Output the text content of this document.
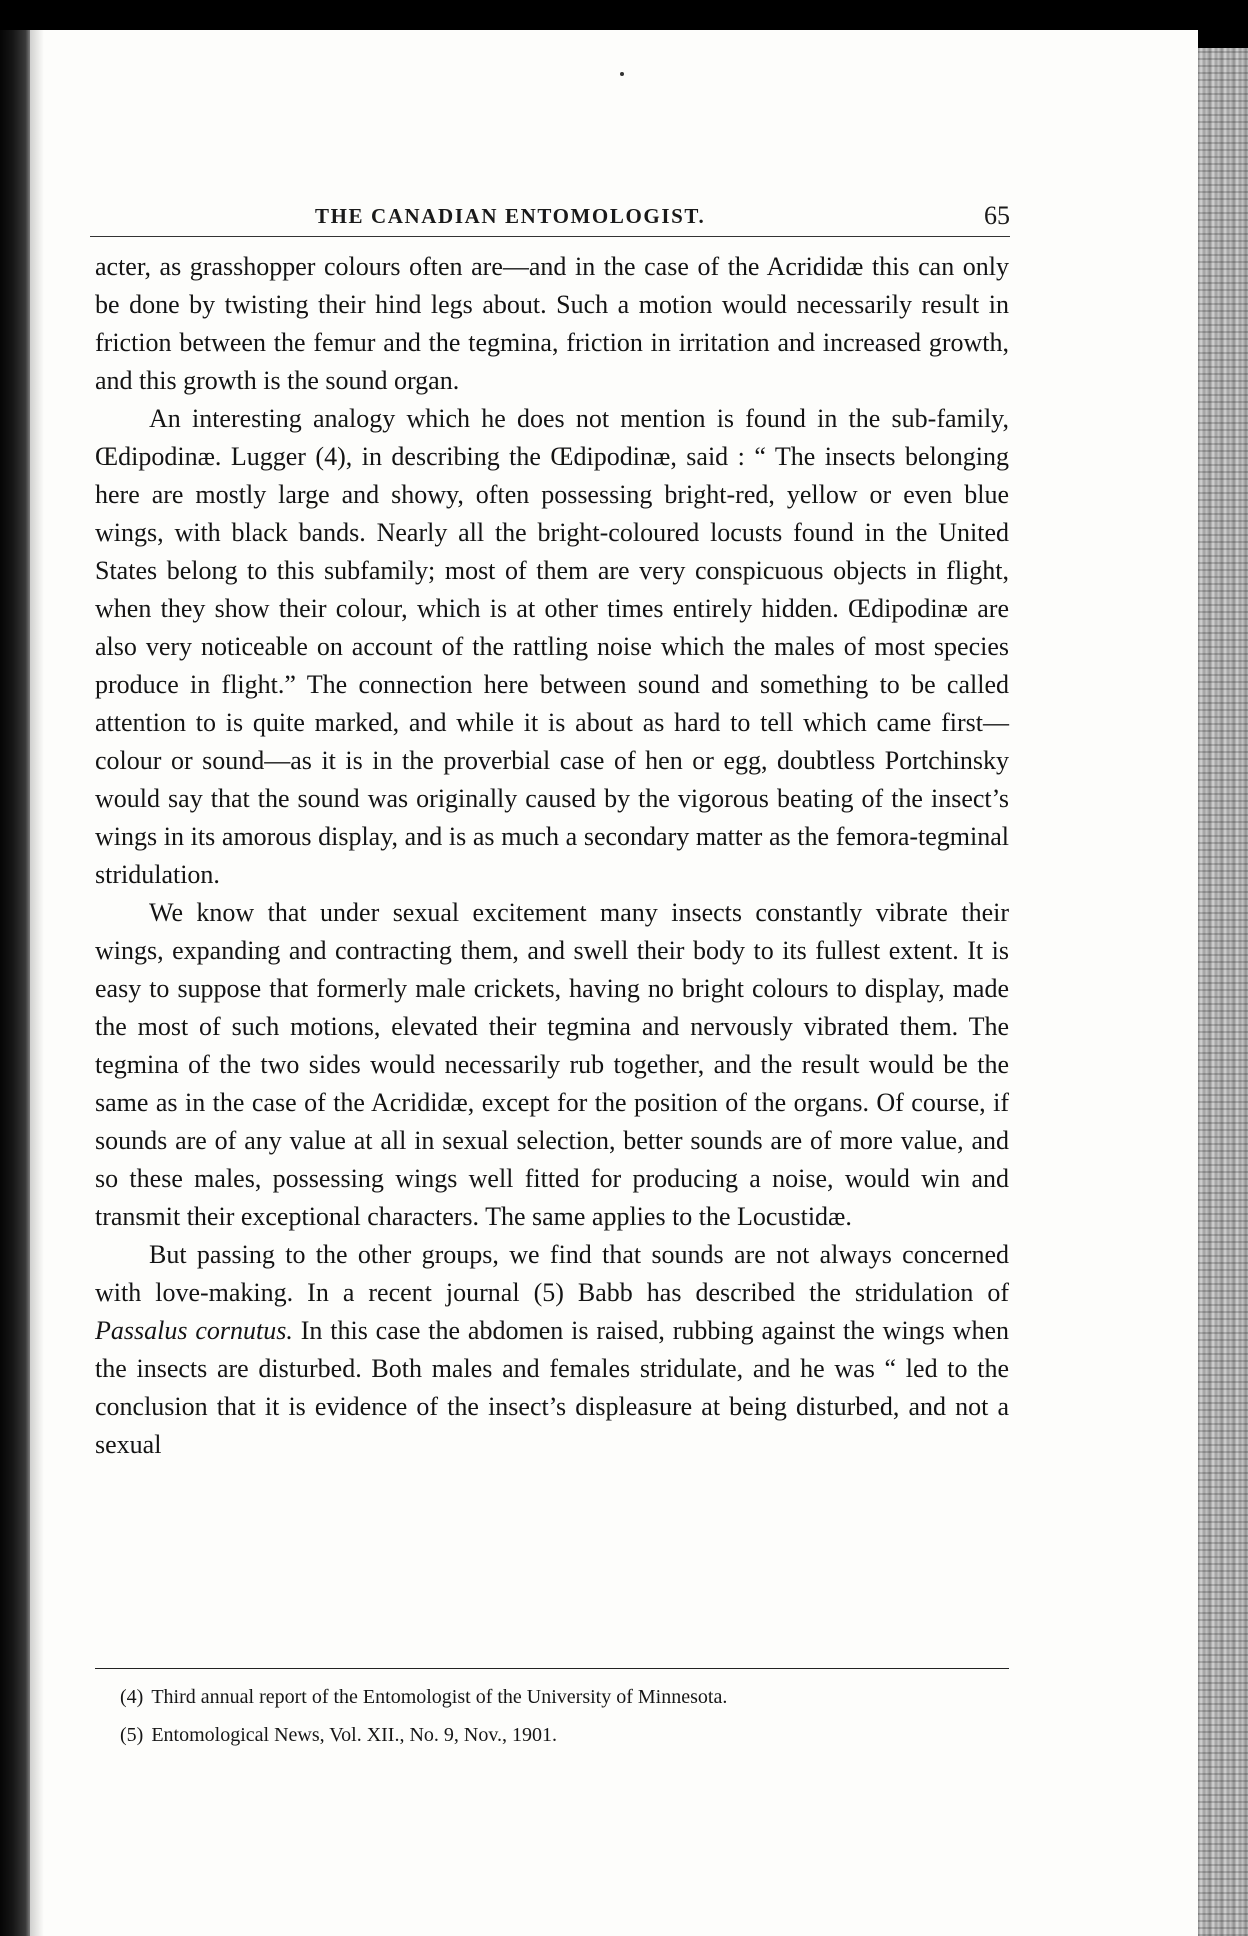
THE CANADIAN ENTOMOLOGIST.	65

acter, as grasshopper colours often are—and in the case of the Acrididæ this can only be done by twisting their hind legs about. Such a motion would necessarily result in friction between the femur and the tegmina, friction in irritation and increased growth, and this growth is the sound organ.

An interesting analogy which he does not mention is found in the sub-family, Œdipodinæ. Lugger (4), in describing the Œdipodinæ, said : “ The insects belonging here are mostly large and showy, often possessing bright-red, yellow or even blue wings, with black bands. Nearly all the bright-coloured locusts found in the United States belong to this subfamily; most of them are very conspicuous objects in flight, when they show their colour, which is at other times entirely hidden. Œdipodinæ are also very noticeable on account of the rattling noise which the males of most species produce in flight.” The connection here between sound and something to be called attention to is quite marked, and while it is about as hard to tell which came first—colour or sound—as it is in the proverbial case of hen or egg, doubtless Portchinsky would say that the sound was originally caused by the vigorous beating of the insect’s wings in its amorous display, and is as much a secondary matter as the femora-tegminal stridulation.

We know that under sexual excitement many insects constantly vibrate their wings, expanding and contracting them, and swell their body to its fullest extent. It is easy to suppose that formerly male crickets, having no bright colours to display, made the most of such motions, elevated their tegmina and nervously vibrated them. The tegmina of the two sides would necessarily rub together, and the result would be the same as in the case of the Acrididæ, except for the position of the organs. Of course, if sounds are of any value at all in sexual selection, better sounds are of more value, and so these males, possessing wings well fitted for producing a noise, would win and transmit their exceptional characters. The same applies to the Locustidæ.

But passing to the other groups, we find that sounds are not always concerned with love-making. In a recent journal (5) Babb has described the stridulation of Passalus cornutus. In this case the abdomen is raised, rubbing against the wings when the insects are disturbed. Both males and females stridulate, and he was “ led to the conclusion that it is evidence of the insect’s displeasure at being disturbed, and not a sexual

(4) Third annual report of the Entomologist of the University of Minnesota.
(5) Entomological News, Vol. XII., No. 9, Nov., 1901.
